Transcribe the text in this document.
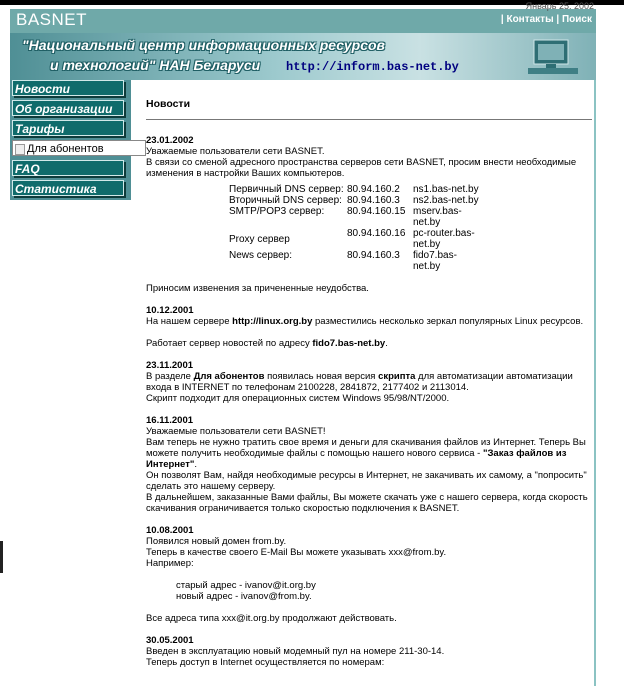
BASNET
Январь 25. 2002
| Контакты | Поиск
"Национальный центр информационных ресурсов
и технологий" НАН Беларуси http://inform.bas-net.by
Новости
Об организации
Тарифы
Для абонентов
FAQ
Статистика
Новости
23.01.2002

Уважаемые пользователи сети BASNET.

В связи со сменой адресного пространства серверов сети BASNET, просим внести необходимые изменения в настройки Ваших компьютеров.

Первичный DNS сервер:	80.94.160.2	ns1.bas-net.by
Вторичный DNS сервер:	80.94.160.3	ns2.bas-net.by
SMTP/POP3 сервер:	80.94.160.15	mserv.bas-net.by
Proxy сервер	80.94.160.16	pc-router.bas-net.by
News сервер:	80.94.160.3	fido7.bas-net.by

Приносим извенения за причененные неудобства.

10.12.2001

На нашем сервере http://linux.org.by разместились несколько зеркал популярных Linux ресурсов.

Работает сервер новостей по адресу fido7.bas-net.by.

23.11.2001

В разделе Для абонентов появилась новая версия скрипта для автоматизации автоматизации входа в INTERNET по телефонам 2100228, 2841872, 2177402 и 2113014.

Скрипт подходит для операционных систем Windows 95/98/NT/2000.

16.11.2001

Уважаемые пользователи сети BASNET!

Вам теперь не нужно тратить свое время и деньги для скачивания файлов из Интернет. Теперь Вы можете получить необходимые файлы с помощью нашего нового сервиса - "Заказ файлов из Интернет".

Он позволят Вам, найдя необходимые ресурсы в Интернет, не закачивать их самому, а "попросить" сделать это нашему серверу.

В дальнейшем, заказанные Вами файлы, Вы можете скачать уже с нашего сервера, когда скорость скачивания ограничивается только скоростью подключения к BASNET.

10.08.2001

Появился новый домен from.by.

Теперь в качестве своего E-Mail Вы можете указывать xxx@from.by.

Например:

старый адрес - ivanov@it.org.by

новый адрес - ivanov@from.by.

Все адреса типа xxx@it.org.by продолжают действовать.

30.05.2001

Введен в эксплуатацию новый модемный пул на номере 211-30-14.

Теперь доступ в Internet осуществляется по номерам:
